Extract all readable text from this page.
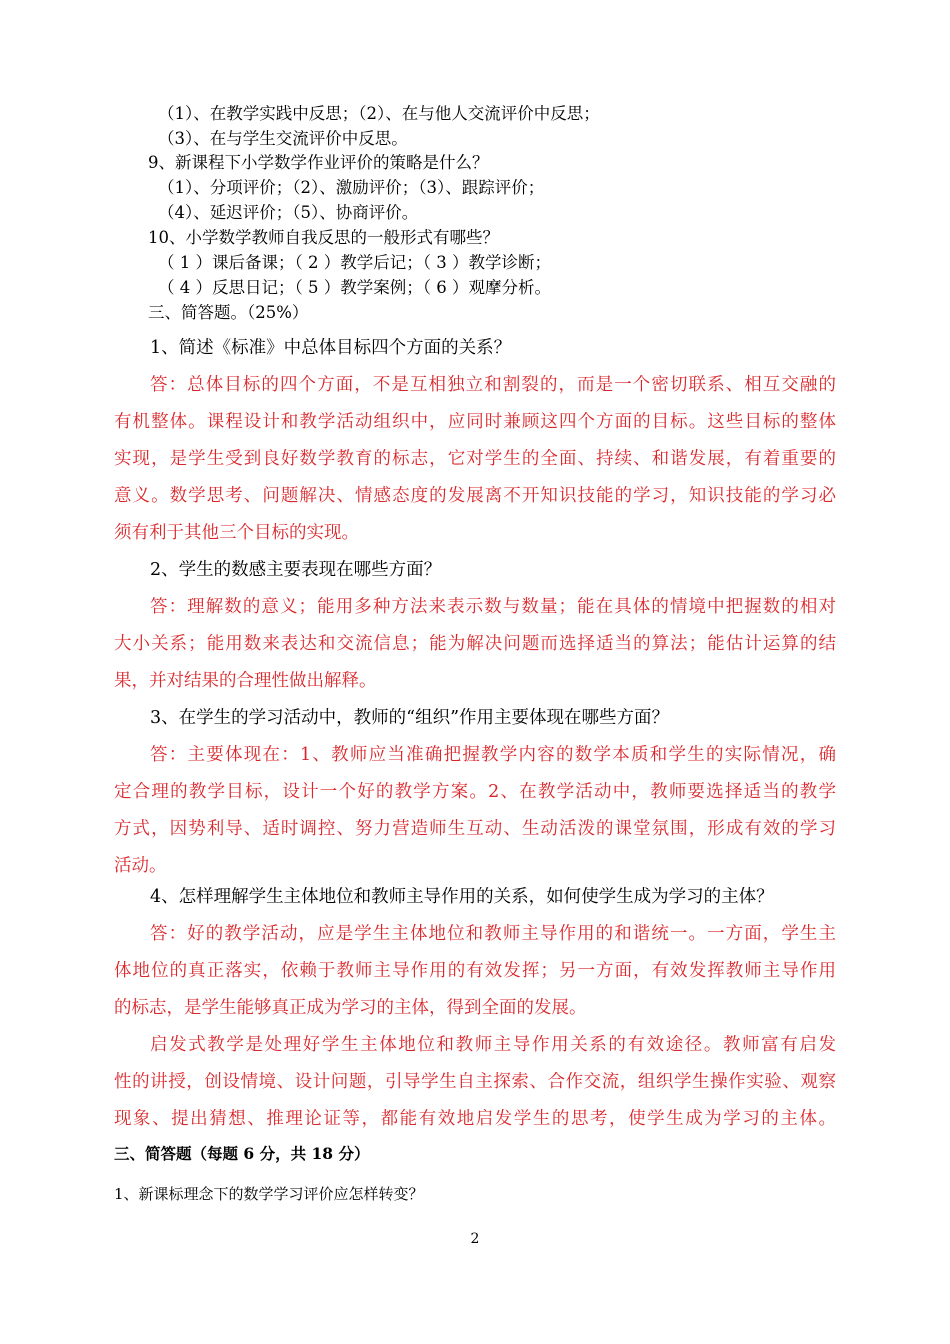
（1）、在教学实践中反思；（2）、在与他人交流评价中反思；
（3）、在与学生交流评价中反思。
9、新课程下小学数学作业评价的策略是什么？
（1）、分项评价；（2）、激励评价；（3）、跟踪评价；
（4）、延迟评价；（5）、协商评价。
10、小学数学教师自我反思的一般形式有哪些？
（ 1 ）课后备课；（ 2 ）教学后记；（ 3 ）教学诊断；
（ 4 ）反思日记；（ 5 ）教学案例；（ 6 ）观摩分析。
三、简答题。（25%）
1、简述《标准》中总体目标四个方面的关系？
答：总体目标的四个方面，不是互相独立和割裂的，而是一个密切联系、相互交融的
有机整体。课程设计和教学活动组织中，应同时兼顾这四个方面的目标。这些目标的整体
实现，是学生受到良好数学教育的标志，它对学生的全面、持续、和谐发展，有着重要的
意义。数学思考、问题解决、情感态度的发展离不开知识技能的学习，知识技能的学习必
须有利于其他三个目标的实现。
2、学生的数感主要表现在哪些方面？
答：理解数的意义；能用多种方法来表示数与数量；能在具体的情境中把握数的相对
大小关系；能用数来表达和交流信息；能为解决问题而选择适当的算法；能估计运算的结
果，并对结果的合理性做出解释。
3、在学生的学习活动中，教师的“组织”作用主要体现在哪些方面？
答：主要体现在：1、教师应当准确把握教学内容的数学本质和学生的实际情况，确
定合理的教学目标，设计一个好的教学方案。2、在教学活动中，教师要选择适当的教学
方式，因势利导、适时调控、努力营造师生互动、生动活泼的课堂氛围，形成有效的学习
活动。
4、怎样理解学生主体地位和教师主导作用的关系，如何使学生成为学习的主体？
答：好的教学活动，应是学生主体地位和教师主导作用的和谐统一。一方面，学生主
体地位的真正落实，依赖于教师主导作用的有效发挥；另一方面，有效发挥教师主导作用
的标志，是学生能够真正成为学习的主体，得到全面的发展。
启发式教学是处理好学生主体地位和教师主导作用关系的有效途径。教师富有启发
性的讲授，创设情境、设计问题，引导学生自主探索、合作交流，组织学生操作实验、观察
现象、提出猜想、推理论证等，都能有效地启发学生的思考，使学生成为学习的主体。
三、简答题（每题 6 分，共 18 分）
1、新课标理念下的数学学习评价应怎样转变？
2
